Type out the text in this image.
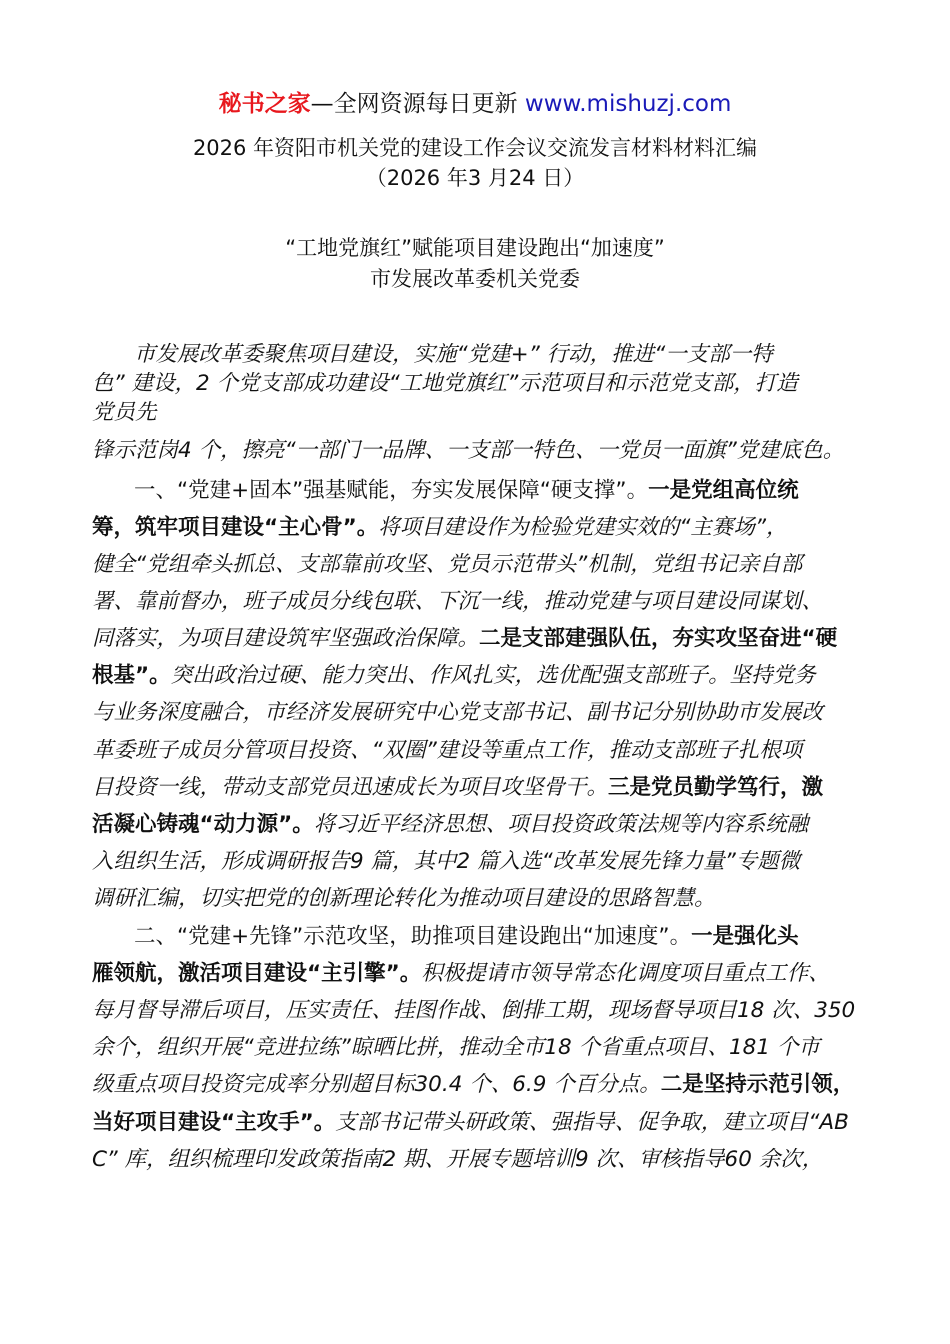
秘书之家—全网资源每日更新 www.mishuzj.com
2026 年资阳市机关党的建设工作会议交流发言材料材料汇编
（2026 年3 月24 日）
“工地党旗红”赋能项目建设跑出“加速度”
市发展改革委机关党委
市发展改革委聚焦项目建设，实施“党建+” 行动，推进“一支部一特
色” 建设，2 个党支部成功建设“工地党旗红”示范项目和示范党支部，打造
党员先
锋示范岗4 个，擦亮“一部门一品牌、一支部一特色、一党员一面旗”党建底色。
一、“党建+固本”强基赋能，夯实发展保障“硬支撑”。一是党组高位统
筹，筑牢项目建设“主心骨”。将项目建设作为检验党建实效的“主赛场”，
健全“党组牵头抓总、支部靠前攻坚、党员示范带头”机制，党组书记亲自部
署、靠前督办，班子成员分线包联、下沉一线，推动党建与项目建设同谋划、
同落实，为项目建设筑牢坚强政治保障。二是支部建强队伍，夯实攻坚奋进“硬
根基”。突出政治过硬、能力突出、作风扎实，选优配强支部班子。坚持党务
与业务深度融合，市经济发展研究中心党支部书记、副书记分别协助市发展改
革委班子成员分管项目投资、“双圈”建设等重点工作，推动支部班子扎根项
目投资一线，带动支部党员迅速成长为项目攻坚骨干。三是党员勤学笃行，激
活凝心铸魂“动力源”。将习近平经济思想、项目投资政策法规等内容系统融
入组织生活，形成调研报告9 篇，其中2 篇入选“改革发展先锋力量”专题微
调研汇编，切实把党的创新理论转化为推动项目建设的思路智慧。
二、“党建+先锋”示范攻坚，助推项目建设跑出“加速度”。一是强化头
雁领航，激活项目建设“主引擎”。积极提请市领导常态化调度项目重点工作、
每月督导滞后项目，压实责任、挂图作战、倒排工期，现场督导项目18 次、350
余个，组织开展“竞进拉练”晾晒比拼，推动全市18 个省重点项目、181 个市
级重点项目投资完成率分别超目标30.4 个、6.9 个百分点。二是坚持示范引领，
当好项目建设“主攻手”。支部书记带头研政策、强指导、促争取，建立项目“AB
C” 库，组织梳理印发政策指南2 期、开展专题培训9 次、审核指导60 余次，
